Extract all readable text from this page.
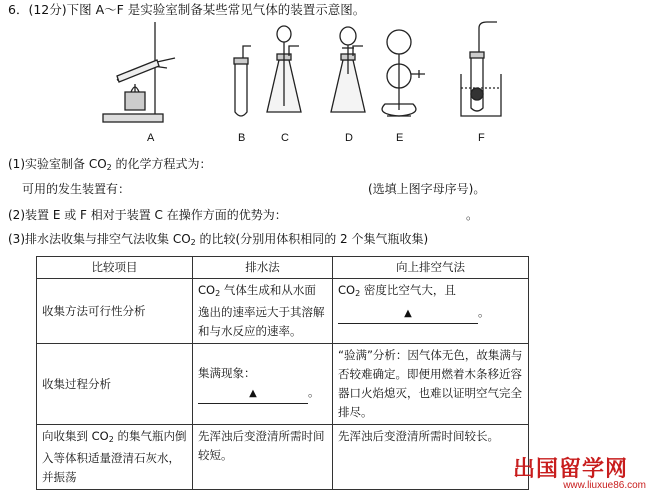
6．(12分)下图 A～F 是实验室制备某些常见气体的装置示意图。
A	B	C	D	E	F
(1)实验室制备 $CO_2$ 的化学方程式为：
可用的发生装置有：	(选填上图字母序号)。
(2)装置 E 或 F 相对于装置 C 在操作方面的优势为：	。
(3)排水法收集与排空气法收集 $CO_2$ 的比较(分别用体积相同的 2 个集气瓶收集)
比较项目	排水法	向上排空气法
收集方法可行性分析	$CO_2$ 气体生成和从水面逸出的速率远大于其溶解和与水反应的速率。	$CO_2$ 密度比空气大，且
▲ 。
收集过程分析	集满现象：
▲ 。	“验满”分析：因气体无色，故集满与否较难确定。即便用燃着木条移近容器口火焰熄灭，也难以证明空气完全排尽。
向收集到 $CO_2$ 的集气瓶内倒入等体积适量澄清石灰水，并振荡	先浑浊后变澄清所需时间较短。	先浑浊后变澄清所需时间较长。
出国留学网
www.liuxue86.com
